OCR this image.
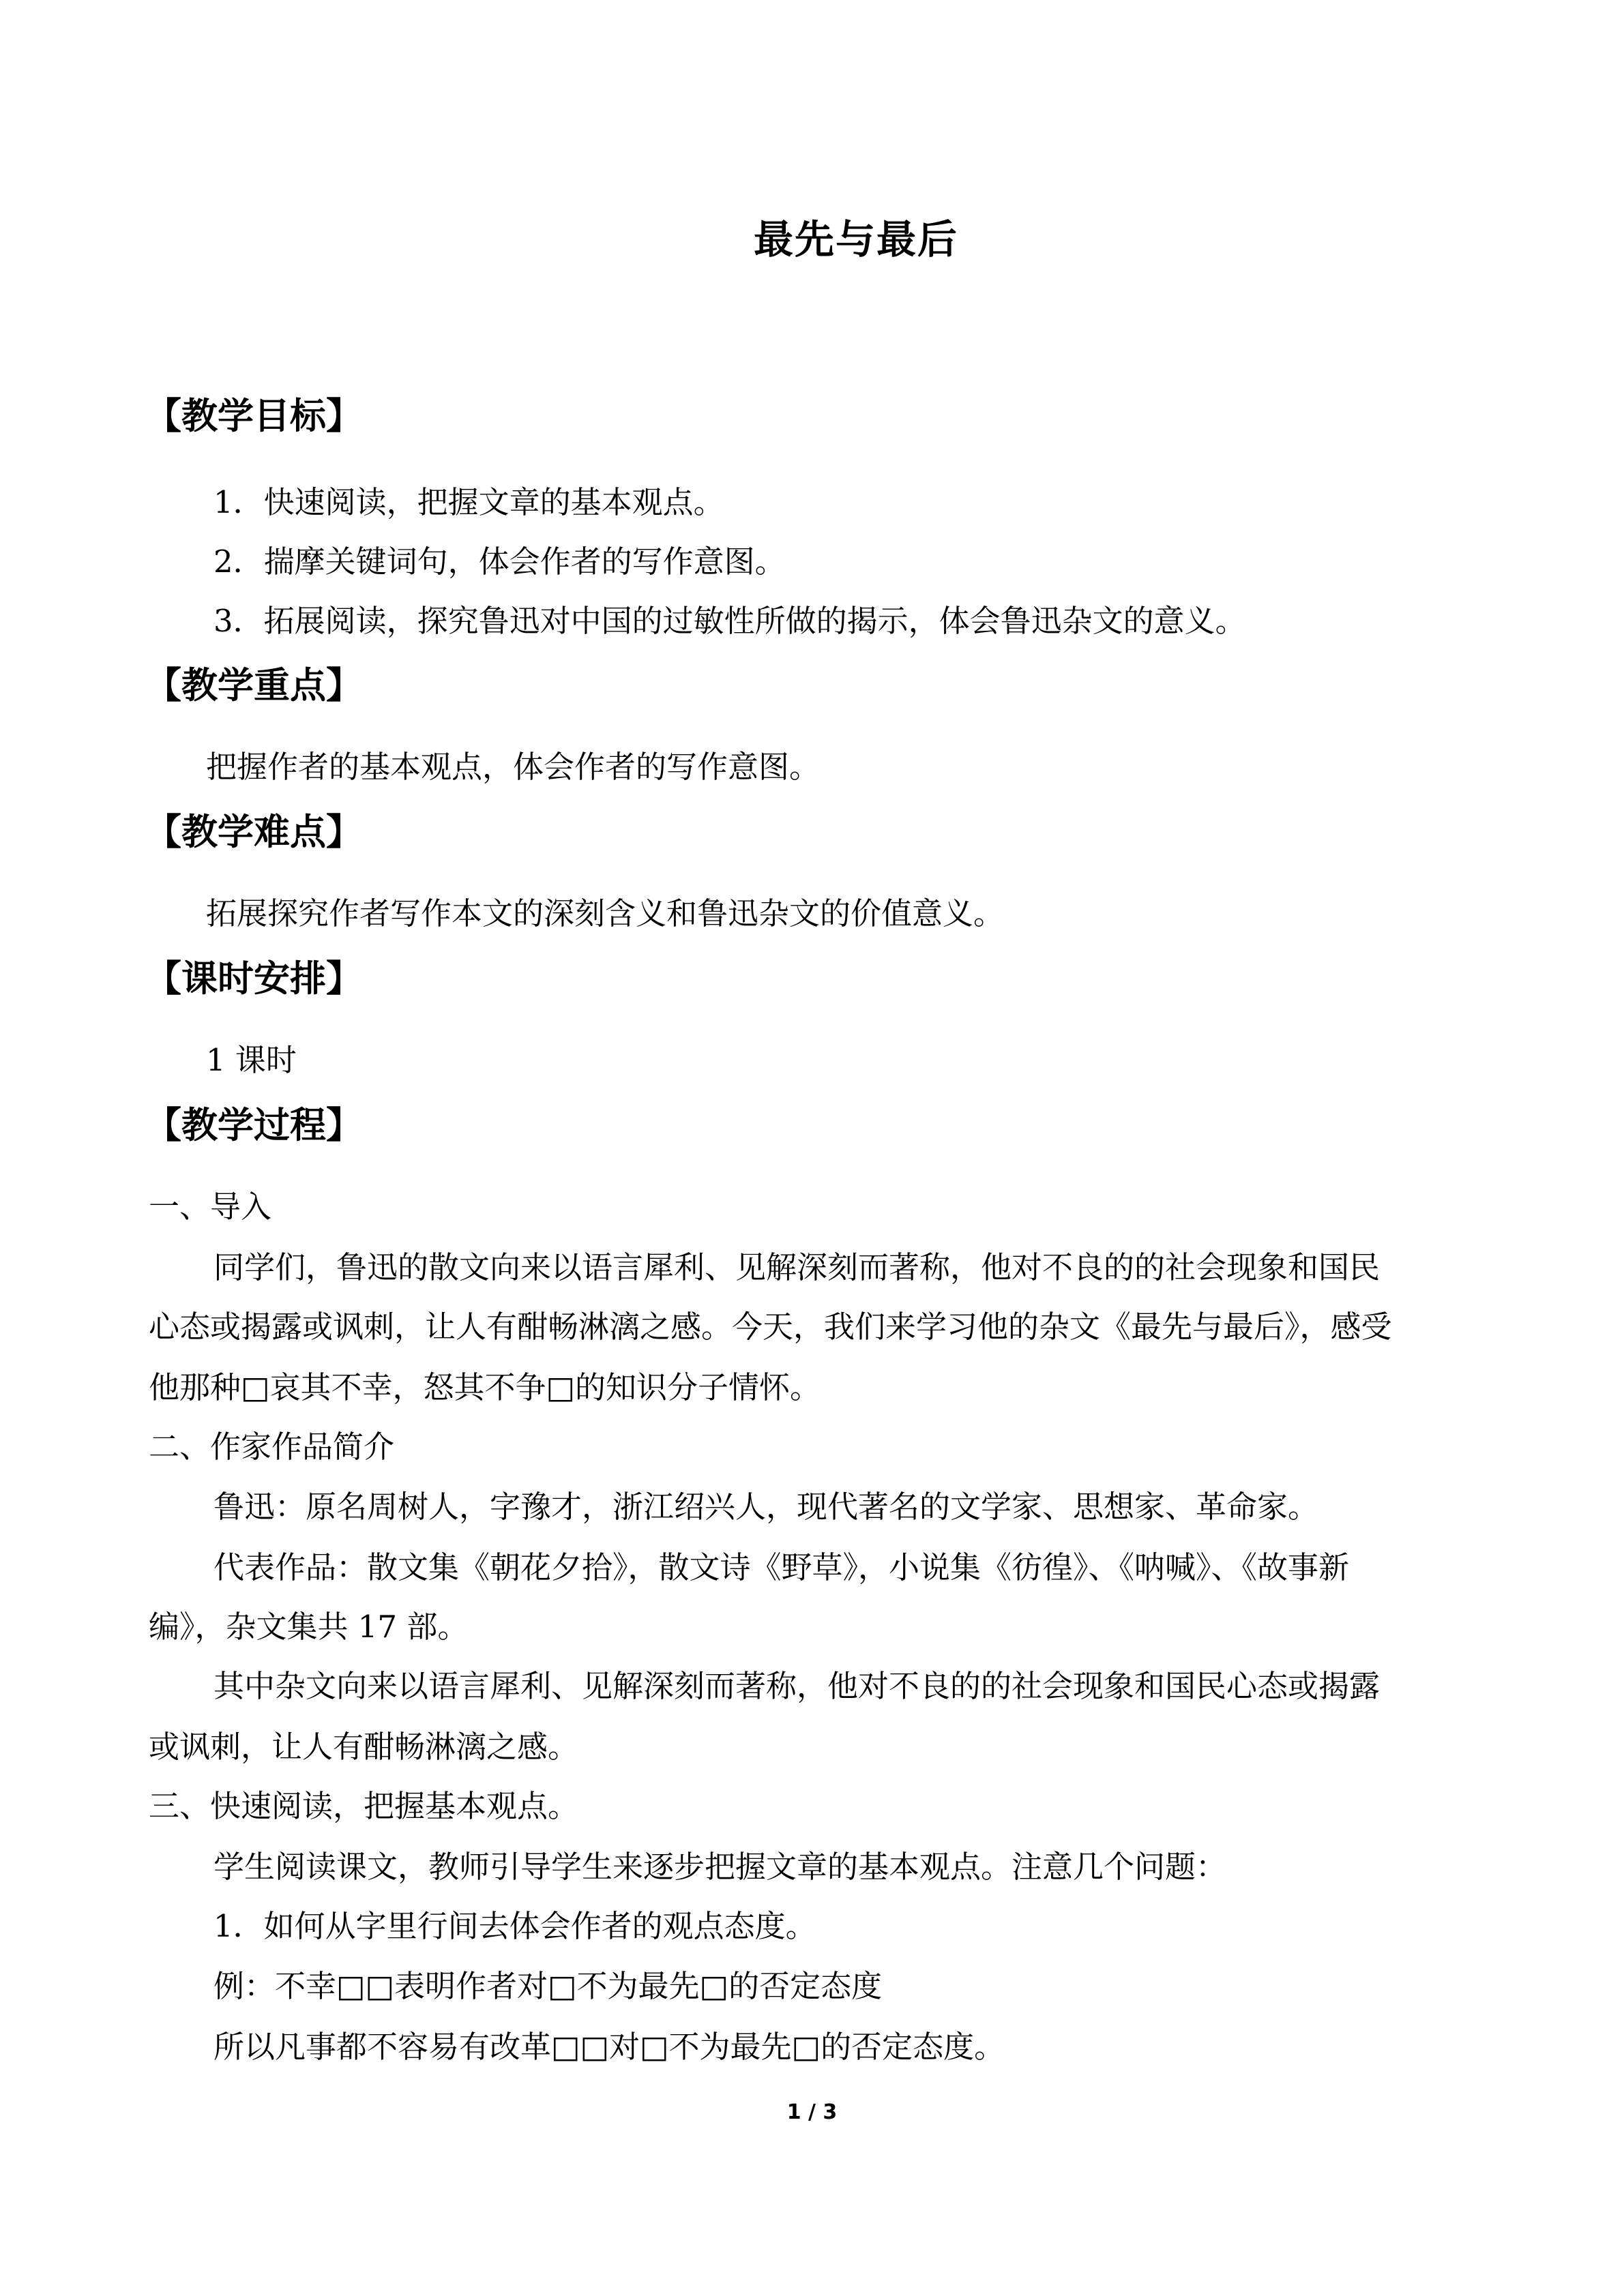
最先与最后
【教学目标】
1．快速阅读，把握文章的基本观点。
2．揣摩关键词句，体会作者的写作意图。
3．拓展阅读，探究鲁迅对中国的过敏性所做的揭示，体会鲁迅杂文的意义。
【教学重点】
把握作者的基本观点，体会作者的写作意图。
【教学难点】
拓展探究作者写作本文的深刻含义和鲁迅杂文的价值意义。
【课时安排】
1 课时
【教学过程】
一、导入
同学们，鲁迅的散文向来以语言犀利、见解深刻而著称，他对不良的的社会现象和国民
心态或揭露或讽刺，让人有酣畅淋漓之感。今天，我们来学习他的杂文《最先与最后》，感受
他那种□哀其不幸，怒其不争□的知识分子情怀。
二、作家作品简介
鲁迅：原名周树人，字豫才，浙江绍兴人，现代著名的文学家、思想家、革命家。
代表作品：散文集《朝花夕拾》，散文诗《野草》，小说集《彷徨》、《呐喊》、《故事新
编》，杂文集共 17 部。
其中杂文向来以语言犀利、见解深刻而著称，他对不良的的社会现象和国民心态或揭露
或讽刺，让人有酣畅淋漓之感。
三、快速阅读，把握基本观点。
学生阅读课文，教师引导学生来逐步把握文章的基本观点。注意几个问题：
1．如何从字里行间去体会作者的观点态度。
例：不幸□□表明作者对□不为最先□的否定态度
所以凡事都不容易有改革□□对□不为最先□的否定态度。
1 / 3
